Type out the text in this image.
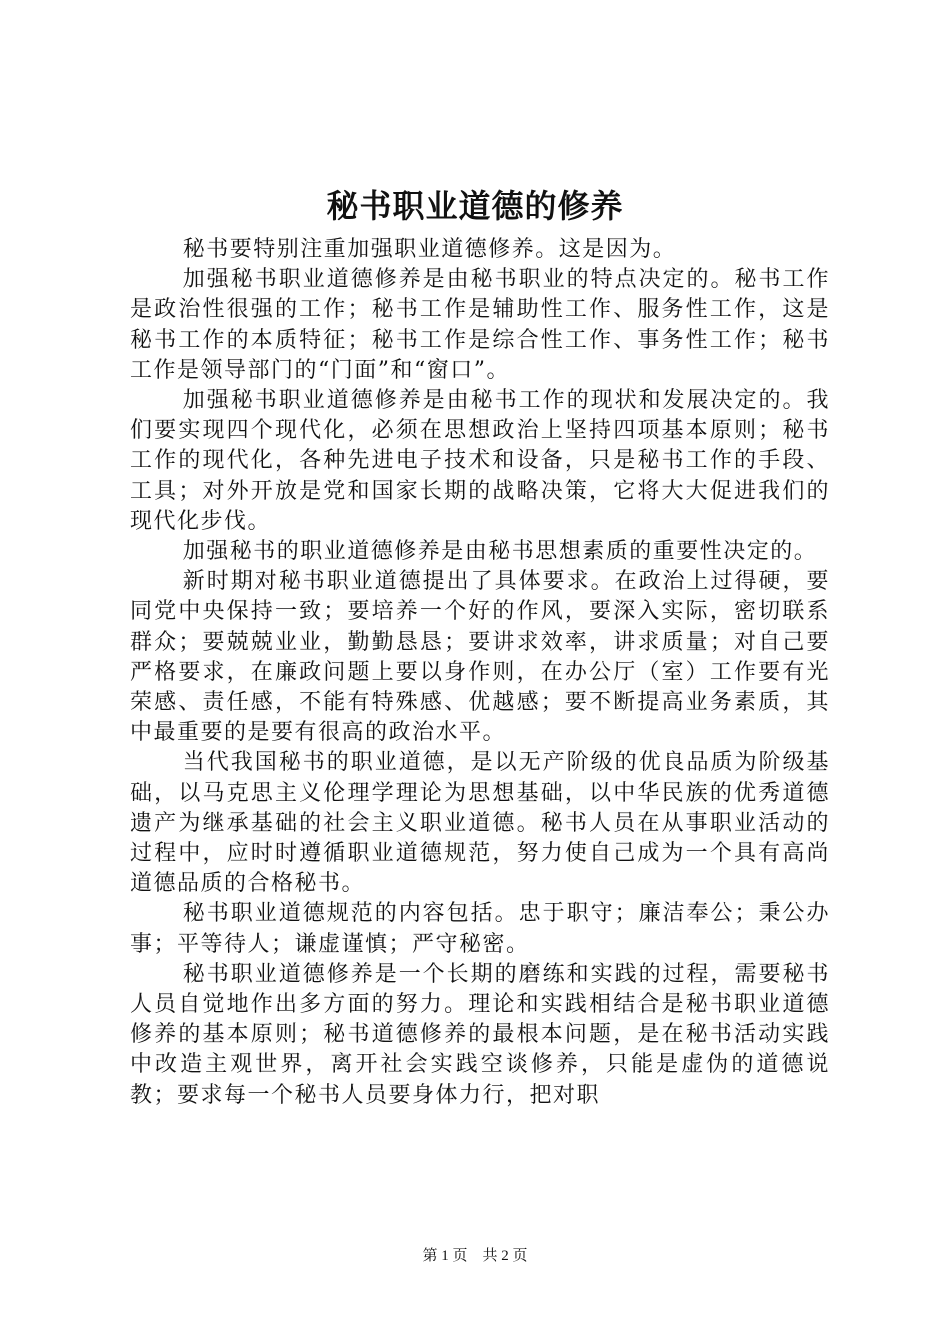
秘书职业道德的修养

秘书要特别注重加强职业道德修养。这是因为。

加强秘书职业道德修养是由秘书职业的特点决定的。秘书工作是政治性很强的工作；秘书工作是辅助性工作、服务性工作，这是秘书工作的本质特征；秘书工作是综合性工作、事务性工作；秘书工作是领导部门的“门面”和“窗口”。

加强秘书职业道德修养是由秘书工作的现状和发展决定的。我们要实现四个现代化，必须在思想政治上坚持四项基本原则；秘书工作的现代化，各种先进电子技术和设备，只是秘书工作的手段、工具；对外开放是党和国家长期的战略决策，它将大大促进我们的现代化步伐。

加强秘书的职业道德修养是由秘书思想素质的重要性决定的。

新时期对秘书职业道德提出了具体要求。在政治上过得硬，要同党中央保持一致；要培养一个好的作风，要深入实际，密切联系群众；要兢兢业业，勤勤恳恳；要讲求效率，讲求质量；对自己要严格要求，在廉政问题上要以身作则，在办公厅（室）工作要有光荣感、责任感，不能有特殊感、优越感；要不断提高业务素质，其中最重要的是要有很高的政治水平。

当代我国秘书的职业道德，是以无产阶级的优良品质为阶级基础，以马克思主义伦理学理论为思想基础，以中华民族的优秀道德遗产为继承基础的社会主义职业道德。秘书人员在从事职业活动的过程中，应时时遵循职业道德规范，努力使自己成为一个具有高尚道德品质的合格秘书。

秘书职业道德规范的内容包括。忠于职守；廉洁奉公；秉公办事；平等待人；谦虚谨慎；严守秘密。

秘书职业道德修养是一个长期的磨练和实践的过程，需要秘书人员自觉地作出多方面的努力。理论和实践相结合是秘书职业道德修养的基本原则；秘书道德修养的最根本问题，是在秘书活动实践中改造主观世界，离开社会实践空谈修养，只能是虚伪的道德说教；要求每一个秘书人员要身体力行，把对职

第 1 页 共 2 页
